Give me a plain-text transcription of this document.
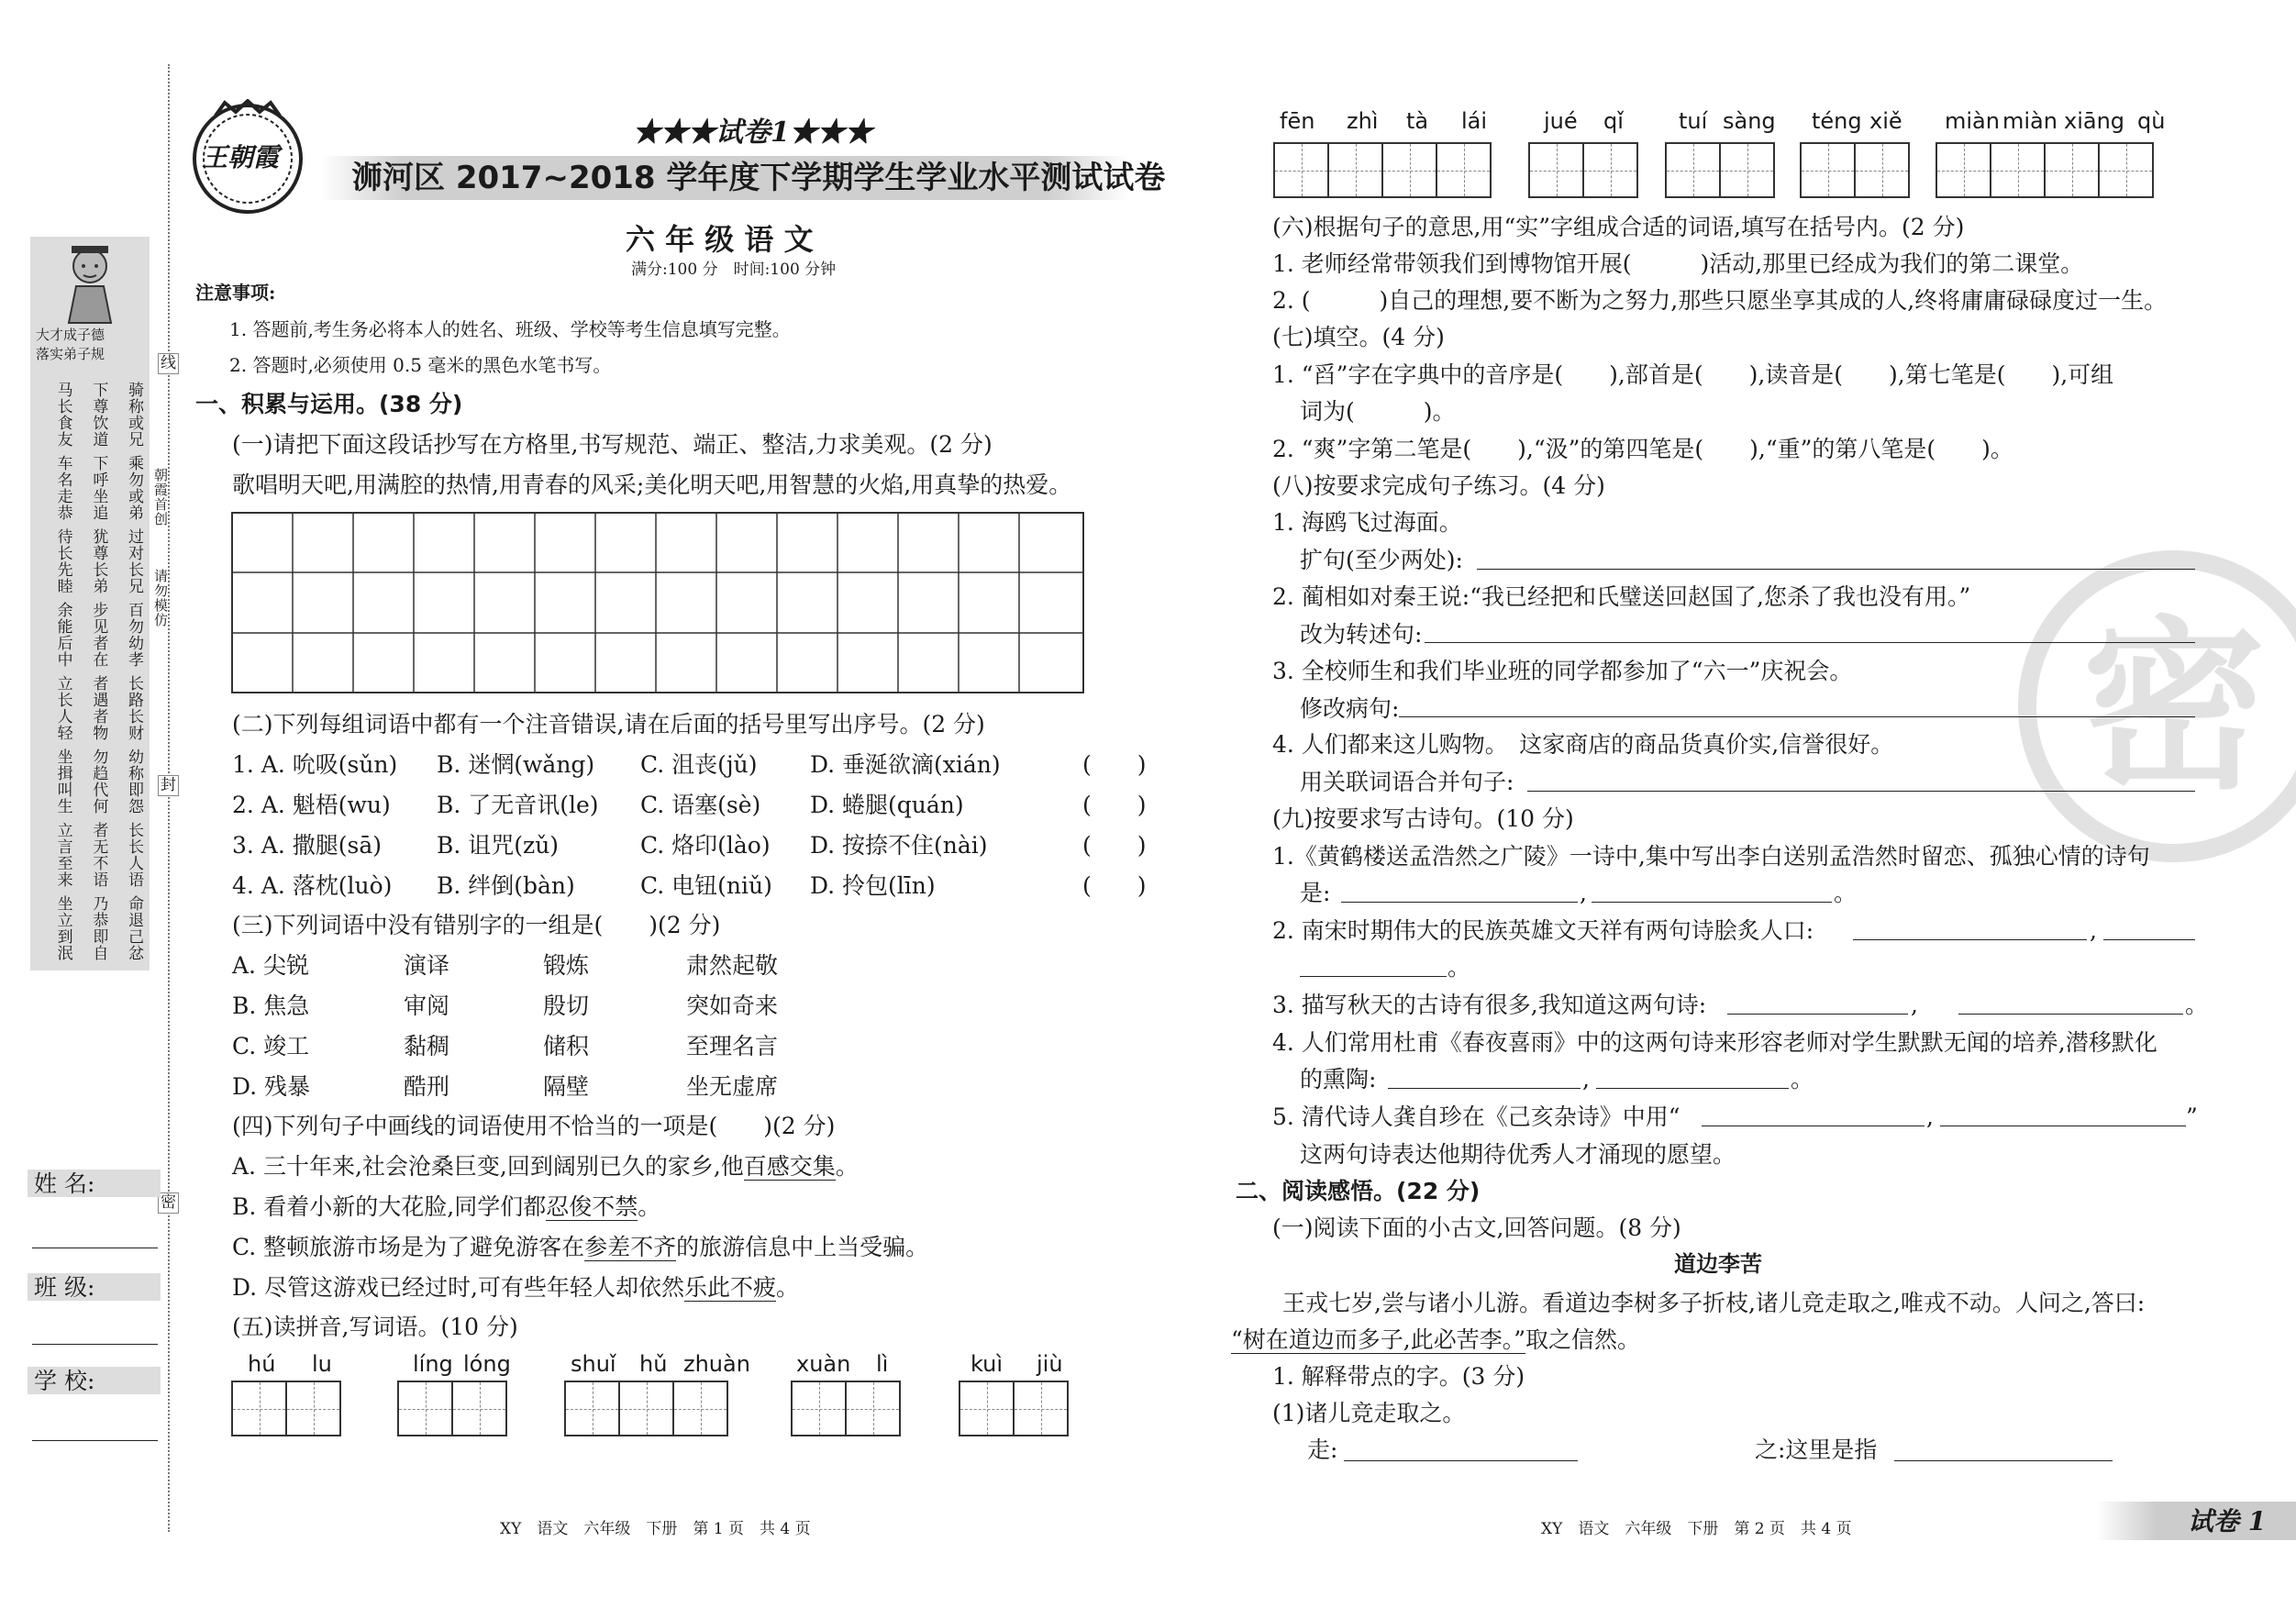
大才成子德
落实弟子规
骑称或兄
下尊饮道
马长食友
乘勿或弟
下呼坐追
车名走恭
过对长兄
犹尊长弟
待长先睦
百勿幼孝
步见者在
余能后中
长路长财
者遇者物
立长人轻
幼称即怨
勿趋代何
坐揖叫生
长长人语
者无不语
立言至来
命退己忿
乃恭即自
坐立到泯
朝霞首创
请勿模仿
线
封
密
姓 名:
班 级:
学 校:
王朝霞
★★★试卷1★★★
浉河区 2017~2018 学年度下学期学生学业水平测试试卷
六 年 级 语 文
满分:100 分　时间:100 分钟
注意事项:
1. 答题前,考生务必将本人的姓名、班级、学校等考生信息填写完整。
2. 答题时,必须使用 0.5 毫米的黑色水笔书写。
一、积累与运用。(38 分)
(一)请把下面这段话抄写在方格里,书写规范、端正、整洁,力求美观。(2 分)
歌唱明天吧,用满腔的热情,用青春的风采;美化明天吧,用智慧的火焰,用真挚的热爱。
(二)下列每组词语中都有一个注音错误,请在后面的括号里写出序号。(2 分)
1. A. 吮吸(sǔn) B. 迷惘(wǎng) C. 沮丧(jǔ) D. 垂涎欲滴(xián)	(　　)
2. A. 魁梧(wu) B. 了无音讯(le) C. 语塞(sè) D. 蜷腿(quán)	(　　)
3. A. 撒腿(sā) B. 诅咒(zǔ)	C. 烙印(lào) D. 按捺不住(nài)	(　　)
4. A. 落枕(luò) B. 绊倒(bàn)	C. 电钮(niǔ) D. 拎包(līn)	(　　)
(三)下列词语中没有错别字的一组是(　　)(2 分)
A. 尖锐	演译	锻炼	肃然起敬
B. 焦急	审阅	殷切	突如奇来
C. 竣工	黏稠	储积	至理名言
D. 残暴	酷刑	隔壁	坐无虚席
(四)下列句子中画线的词语使用不恰当的一项是(　　)(2 分)
A. 三十年来,社会沧桑巨变,回到阔别已久的家乡,他百感交集。
B. 看着小新的大花脸,同学们都忍俊不禁。
C. 整顿旅游市场是为了避免游客在参差不齐的旅游信息中上当受骗。
D. 尽管这游戏已经过时,可有些年轻人却依然乐此不疲。
(五)读拼音,写词语。(10 分)
hú lu	líng lóng	shuǐ hǔ zhuàn xuàn lì	kuì jiù
XY　语文　六年级　下册　第 1 页　共 4 页
密
fēn zhì tà lái	jué qǐ	tuí sàng téng xiě miàn miàn xiāng qù
(六)根据句子的意思,用“实”字组成合适的词语,填写在括号内。(2 分)
1. 老师经常带领我们到博物馆开展(　　　)活动,那里已经成为我们的第二课堂。
2. (　　　)自己的理想,要不断为之努力,那些只愿坐享其成的人,终将庸庸碌碌度过一生。
(七)填空。(4 分)
1. “舀”字在字典中的音序是(　　),部首是(　　),读音是(　　),第七笔是(　　),可组
词为(　　　)。
2. “爽”字第二笔是(　　),“汲”的第四笔是(　　),“重”的第八笔是(　　)。
(八)按要求完成句子练习。(4 分)
1. 海鸥飞过海面。
扩句(至少两处):
2. 蔺相如对秦王说:“我已经把和氏璧送回赵国了,您杀了我也没有用。”
改为转述句:
3. 全校师生和我们毕业班的同学都参加了“六一”庆祝会。
修改病句:
4. 人们都来这儿购物。　这家商店的商品货真价实,信誉很好。
用关联词语合并句子:
(九)按要求写古诗句。(10 分)
1.《黄鹤楼送孟浩然之广陵》一诗中,集中写出李白送别孟浩然时留恋、孤独心情的诗句
是:	,	。
2. 南宋时期伟大的民族英雄文天祥有两句诗脍炙人口:	,
。
3. 描写秋天的古诗有很多,我知道这两句诗:	,	。
4. 人们常用杜甫《春夜喜雨》中的这两句诗来形容老师对学生默默无闻的培养,潜移默化
的熏陶:	,	。
5. 清代诗人龚自珍在《己亥杂诗》中用“	,	”
这两句诗表达他期待优秀人才涌现的愿望。
二、阅读感悟。(22 分)
(一)阅读下面的小古文,回答问题。(8 分)
道边李苦
王戎七岁,尝与诸小儿游。看道边李树多子折枝,诸儿竞走取之,唯戎不动。人问之,答曰:
“树在道边而多子,此必苦李。”取之信然。
1. 解释带点的字。(3 分)
(1)诸儿竞走取之。
走:	之:这里是指
XY　语文　六年级　下册　第 2 页　共 4 页	试卷 1
